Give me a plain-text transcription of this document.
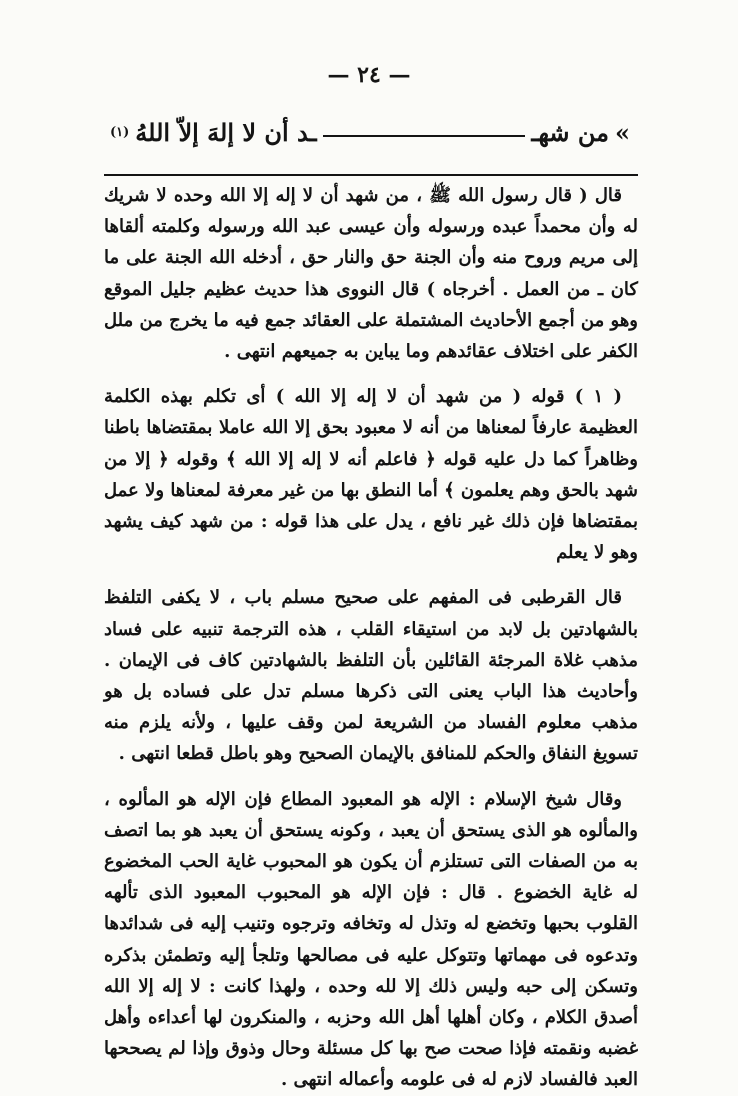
— ٢٤ —
»
من شهـ
ـد أن لا إلهَ إلاّ اللهُ
(١)

قال ( قال رسول الله ﷺ ، من شهد أن لا إله إلا الله وحده لا شريك له وأن محمداً عبده ورسوله وأن عيسى عبد الله ورسوله وكلمته ألقاها إلى مريم وروح منه وأن الجنة حق والنار حق ، أدخله الله الجنة على ما كان ـ من العمل . أخرجاه ) قال النووى هذا حديث عظيم جليل الموقع وهو من أجمع الأحاديث المشتملة على العقائد جمع فيه ما يخرج من ملل الكفر على اختلاف عقائدهم وما يباين به جميعهم انتهى .

( ١ ) قوله ( من شهد أن لا إله إلا الله ) أى تكلم بهذه الكلمة العظيمة عارفاً لمعناها من أنه لا معبود بحق إلا الله عاملا بمقتضاها باطنا وظاهراً كما دل عليه قوله ﴿ فاعلم أنه لا إله إلا الله ﴾ وقوله ﴿ إلا من شهد بالحق وهم يعلمون ﴾ أما النطق بها من غير معرفة لمعناها ولا عمل بمقتضاها فإن ذلك غير نافع ، يدل على هذا قوله : من شهد كيف يشهد وهو لا يعلم

قال القرطبى فى المفهم على صحيح مسلم باب ، لا يكفى التلفظ بالشهادتين بل لابد من استيقاء القلب ، هذه الترجمة تنبيه على فساد مذهب غلاة المرجئة القائلين بأن التلفظ بالشهادتين كاف فى الإيمان . وأحاديث هذا الباب يعنى التى ذكرها مسلم تدل على فساده بل هو مذهب معلوم الفساد من الشريعة لمن وقف عليها ، ولأنه يلزم منه تسويغ النفاق والحكم للمنافق بالإيمان الصحيح وهو باطل قطعا انتهى .

وقال شيخ الإسلام : الإله هو المعبود المطاع فإن الإله هو المألوه ، والمألوه هو الذى يستحق أن يعبد ، وكونه يستحق أن يعبد هو بما اتصف به من الصفات التى تستلزم أن يكون هو المحبوب غاية الحب المخضوع له غاية الخضوع . قال : فإن الإله هو المحبوب المعبود الذى تألهه القلوب بحبها وتخضع له وتذل له وتخافه وترجوه وتنيب إليه فى شدائدها وتدعوه فى مهماتها وتتوكل عليه فى مصالحها وتلجأ إليه وتطمئن بذكره وتسكن إلى حبه وليس ذلك إلا لله وحده ، ولهذا كانت : لا إله إلا الله أصدق الكلام ، وكان أهلها أهل الله وحزبه ، والمنكرون لها أعداءه وأهل غضبه ونقمته فإذا صحت صح بها كل مسئلة وحال وذوق وإذا لم يصححها العبد فالفساد لازم له فى علومه وأعماله انتهى .
